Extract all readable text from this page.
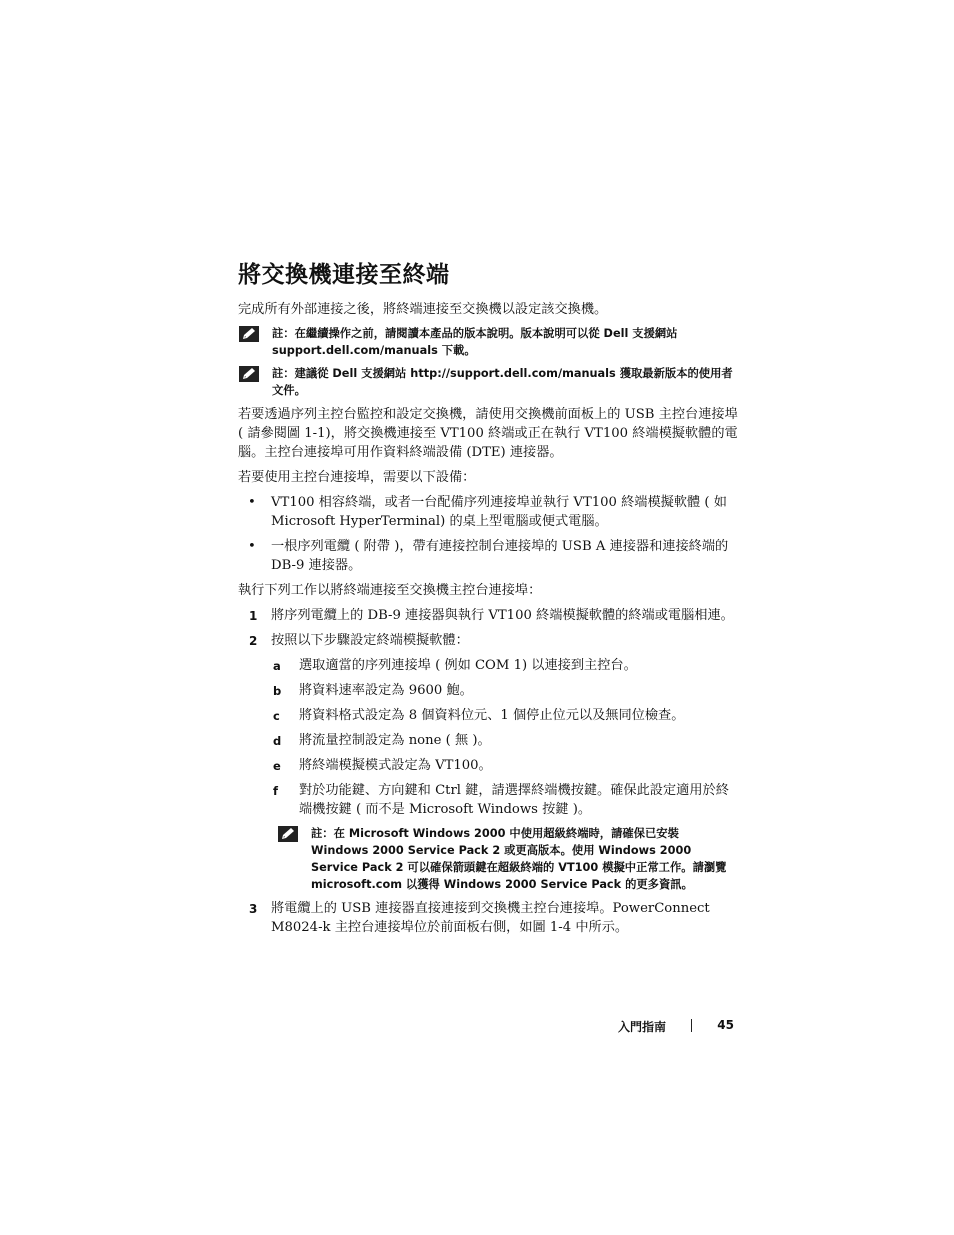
將交換機連接至終端

完成所有外部連接之後，將終端連接至交換機以設定該交換機。

註：在繼續操作之前，請閱讀本產品的版本說明。版本說明可以從 Dell 支援網站 support.dell.com/manuals 下載。
註：建議從 Dell 支援網站 http://support.dell.com/manuals 獲取最新版本的使用者文件。

若要透過序列主控台監控和設定交換機，請使用交換機前面板上的 USB 主控台連接埠 ( 請參閱圖 1-1)，將交換機連接至 VT100 終端或正在執行 VT100 終端模擬軟體的電腦。主控台連接埠可用作資料終端設備 (DTE) 連接器。

若要使用主控台連接埠，需要以下設備：

• VT100 相容終端，或者一台配備序列連接埠並執行 VT100 終端模擬軟體 ( 如 Microsoft HyperTerminal) 的桌上型電腦或便式電腦。
• 一根序列電纜 ( 附帶 )，帶有連接控制台連接埠的 USB A 連接器和連接終端的 DB-9 連接器。

執行下列工作以將終端連接至交換機主控台連接埠：

1 將序列電纜上的 DB-9 連接器與執行 VT100 終端模擬軟體的終端或電腦相連。
2 按照以下步驟設定終端模擬軟體：
a 選取適當的序列連接埠 ( 例如 COM 1) 以連接到主控台。
b 將資料速率設定為 9600 鮑。
c 將資料格式設定為 8 個資料位元、1 個停止位元以及無同位檢查。
d 將流量控制設定為 none ( 無 )。
e 將終端模擬模式設定為 VT100。
f 對於功能鍵、方向鍵和 Ctrl 鍵，請選擇終端機按鍵。確保此設定適用於終端機按鍵 ( 而不是 Microsoft Windows 按鍵 )。
註：在 Microsoft Windows 2000 中使用超級終端時，請確保已安裝 Windows 2000 Service Pack 2 或更高版本。使用 Windows 2000 Service Pack 2 可以確保箭頭鍵在超級終端的 VT100 模擬中正常工作。請瀏覽 microsoft.com 以獲得 Windows 2000 Service Pack 的更多資訊。
3 將電纜上的 USB 連接器直接連接到交換機主控台連接埠。PowerConnect M8024-k 主控台連接埠位於前面板右側，如圖 1-4 中所示。
入門指南	45
